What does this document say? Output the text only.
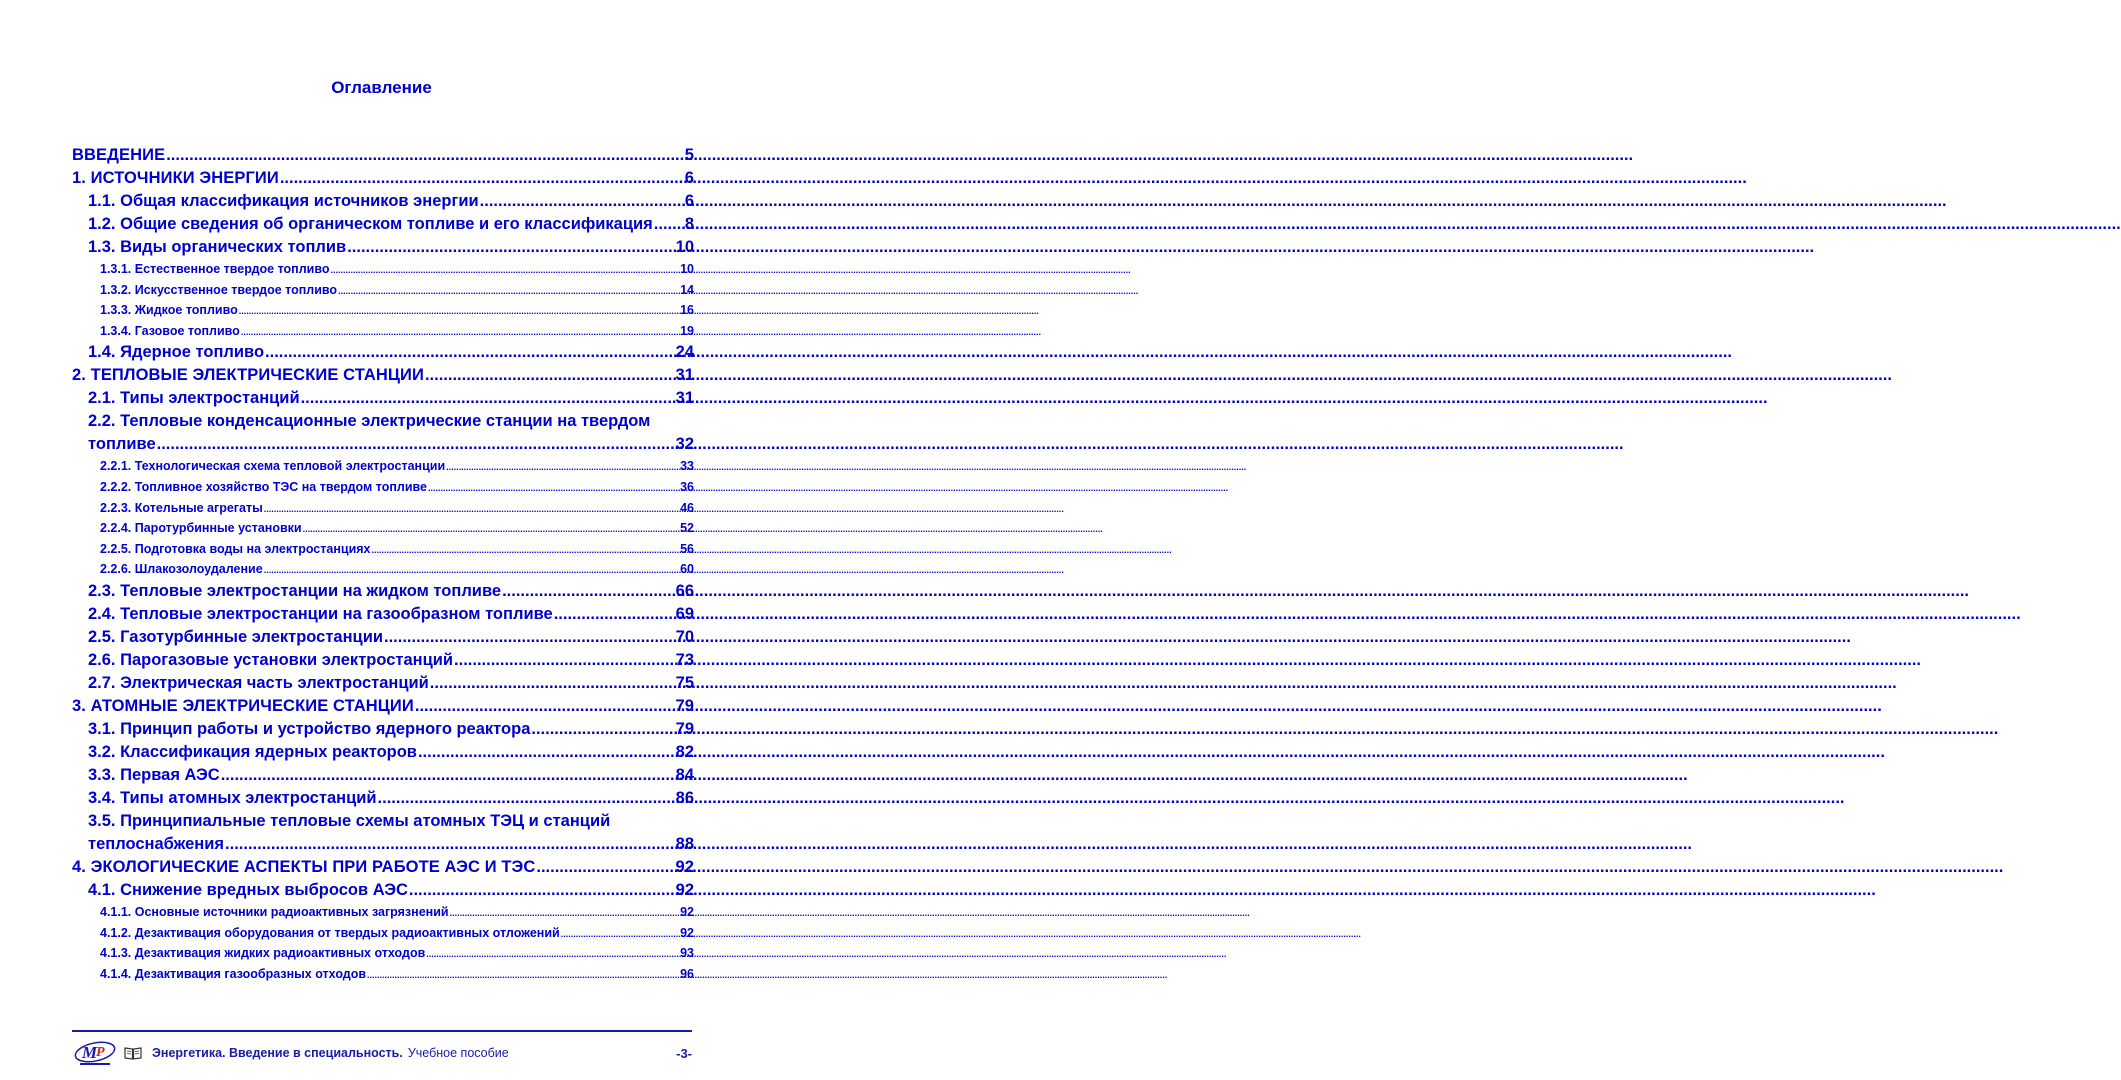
Оглавление
ВВЕДЕНИЕ .....	5
1. ИСТОЧНИКИ ЭНЕРГИИ .....	6
1.1. Общая классификация источников энергии .....	6
1.2. Общие сведения об органическом топливе и его классификация ..... 8
1.3. Виды органических топлив .....	10
1.3.1. Естественное твердое топливо .....	10
1.3.2. Искусственное твердое топливо .....	14
1.3.3. Жидкое топливо .....	16
1.3.4. Газовое топливо .....	19
1.4. Ядерное топливо .....	24
2. ТЕПЛОВЫЕ ЭЛЕКТРИЧЕСКИЕ СТАНЦИИ .....	31
2.1. Типы электростанций .....	31
2.2. Тепловые конденсационные электрические станции на твердом
топливе .....	32
2.2.1. Технологическая схема тепловой электростанции .....	33
2.2.2. Топливное хозяйство ТЭС на твердом топливе .....	36
2.2.3. Котельные агрегаты .....	46
2.2.4. Паротурбинные установки .....	52
2.2.5. Подготовка воды на электростанциях .....	56
2.2.6. Шлакозолоудаление .....	60
2.3. Тепловые электростанции на жидком топливе .....	66
2.4. Тепловые электростанции на газообразном топливе .....	69
2.5. Газотурбинные электростанции .....	70
2.6. Парогазовые установки электростанций .....	73
2.7. Электрическая часть электростанций .....	75
3. АТОМНЫЕ ЭЛЕКТРИЧЕСКИЕ СТАНЦИИ .....	79
3.1. Принцип работы и устройство ядерного реактора .....	79
3.2. Классификация ядерных реакторов .....	82
3.3. Первая АЭС .....	84
3.4. Типы атомных электростанций .....	86
3.5. Принципиальные тепловые схемы атомных ТЭЦ и станций
теплоснабжения .....	88
4. ЭКОЛОГИЧЕСКИЕ АСПЕКТЫ ПРИ РАБОТЕ АЭС И ТЭС .....	92
4.1. Снижение вредных выбросов АЭС .....	92
4.1.1. Основные источники радиоактивных загрязнений .....	92
4.1.2. Дезактивация оборудования от твердых радиоактивных отложений .....	92
4.1.3. Дезактивация жидких радиоактивных отходов .....	93
4.1.4. Дезактивация газообразных отходов .....	96
М
Р	Энергетика. Введение в специальность. Учебное пособие	-3-
